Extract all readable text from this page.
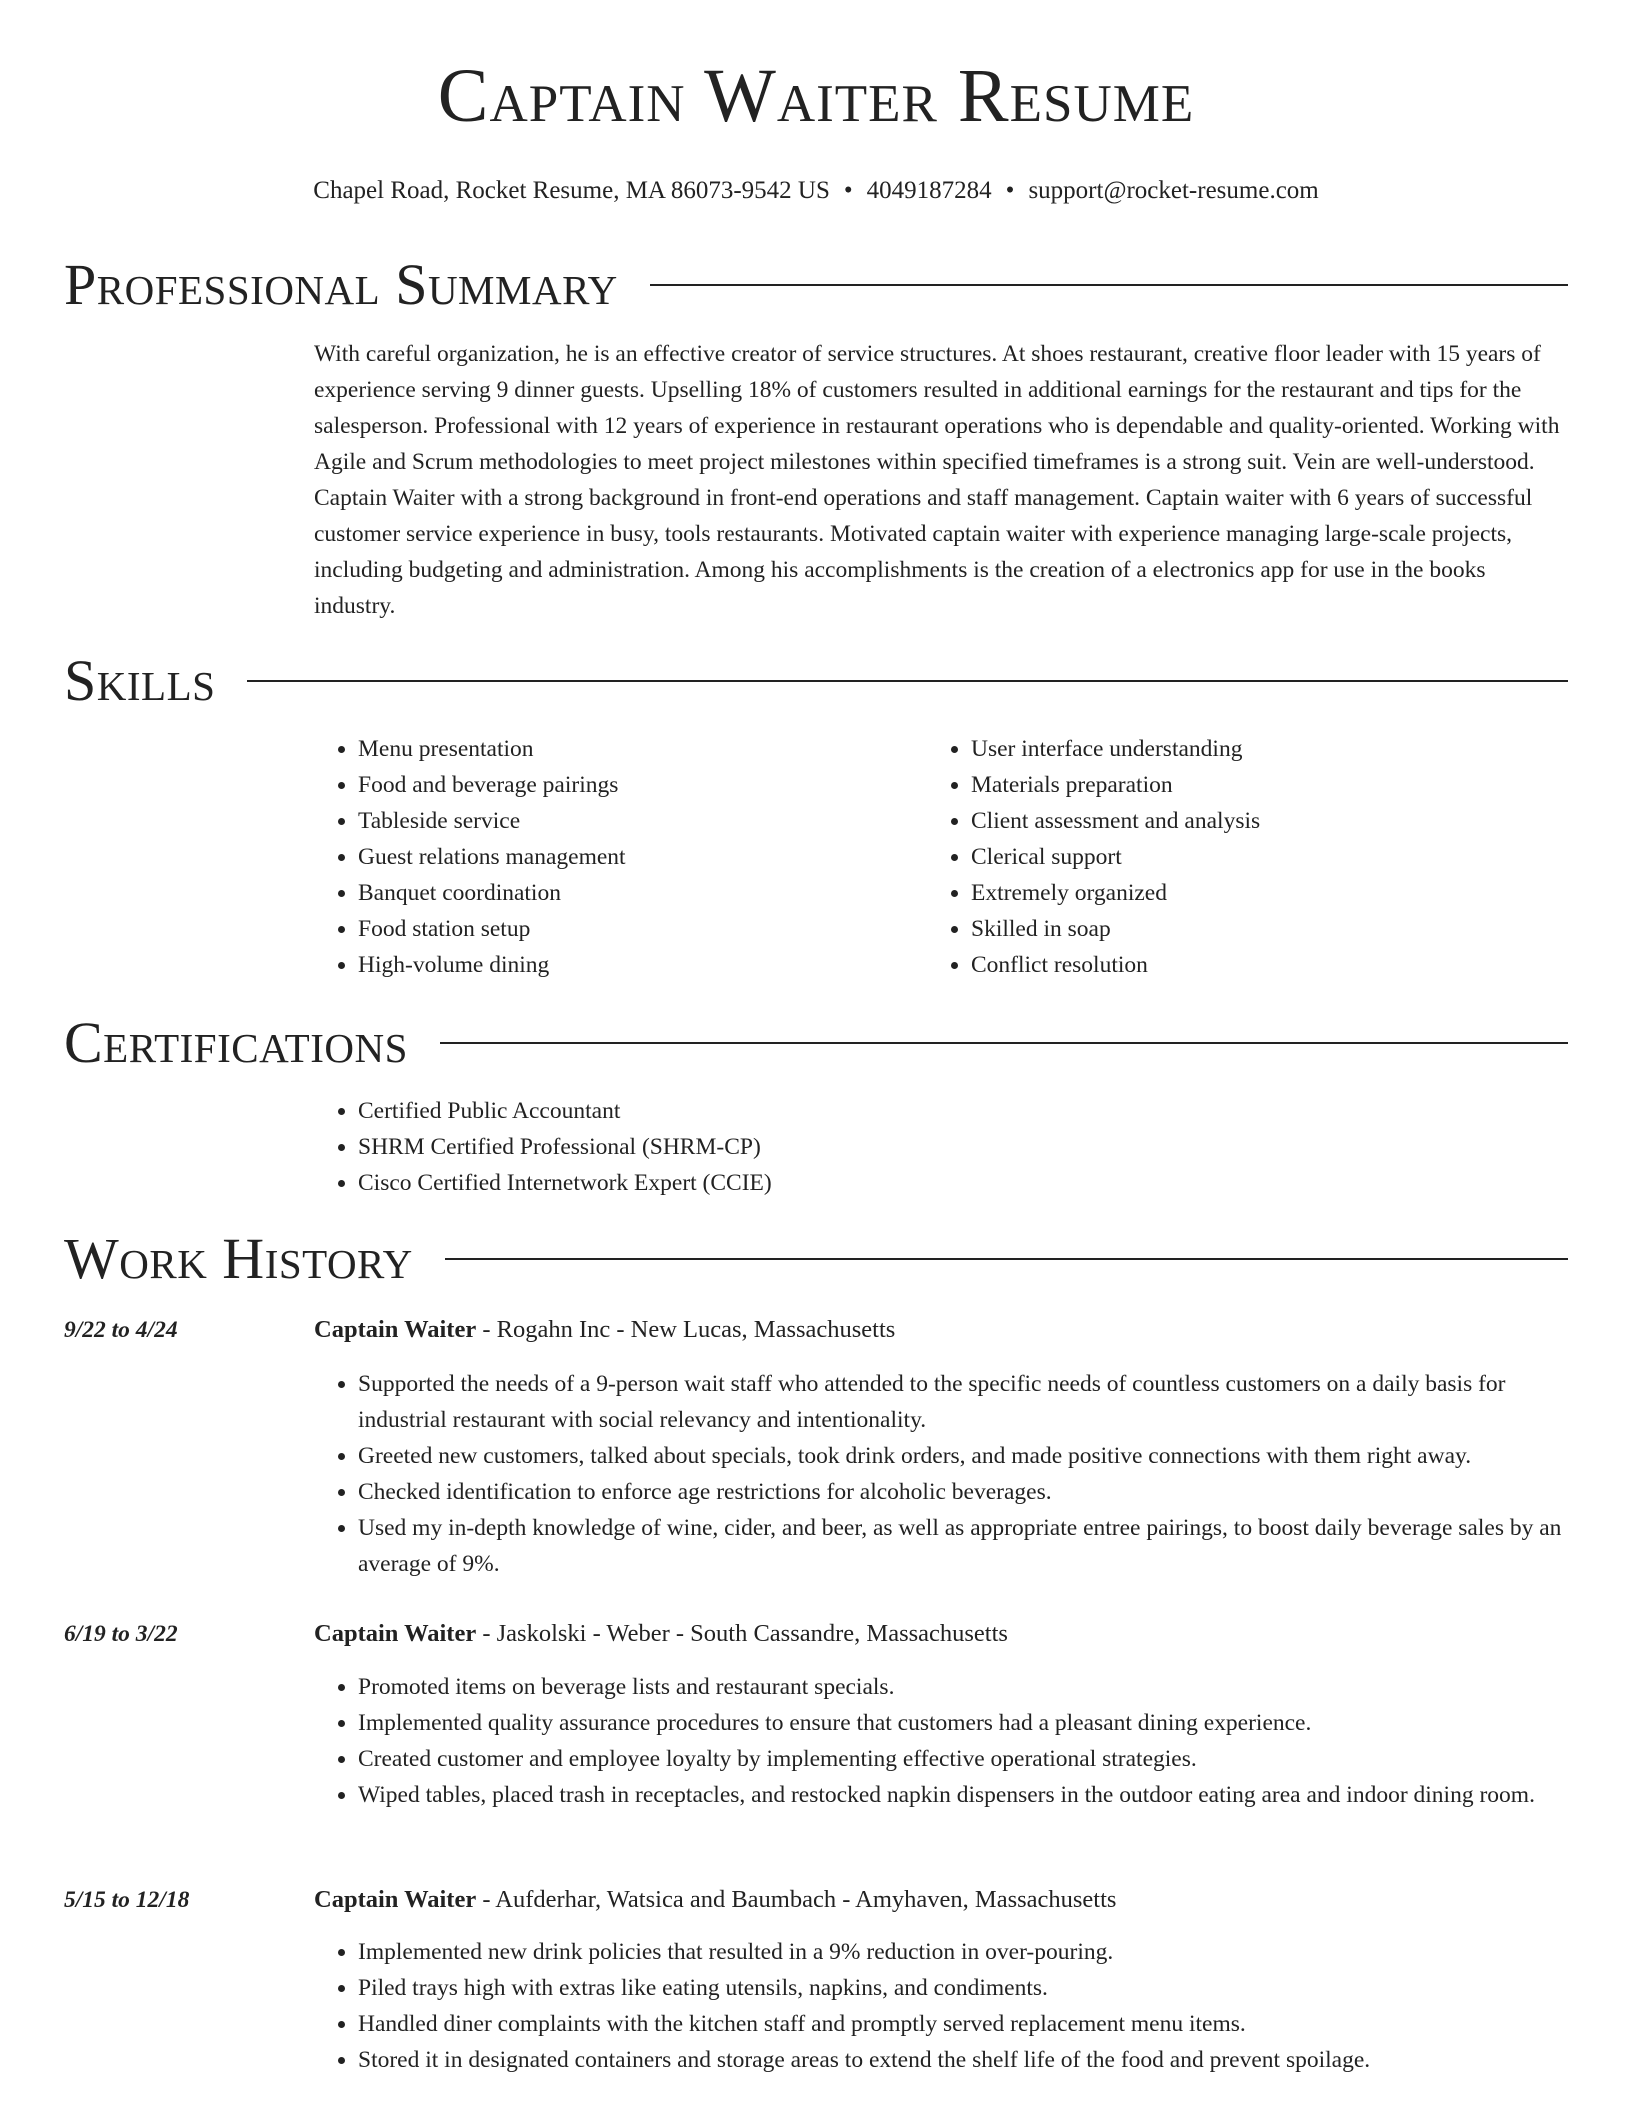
Captain Waiter Resume
Chapel Road, Rocket Resume, MA 86073-9542 US • 4049187284 • support@rocket-resume.com
Professional Summary

With careful organization, he is an effective creator of service structures. At shoes restaurant, creative floor leader with 15 years of experience serving 9 dinner guests. Upselling 18% of customers resulted in additional earnings for the restaurant and tips for the salesperson. Professional with 12 years of experience in restaurant operations who is dependable and quality-oriented. Working with Agile and Scrum methodologies to meet project milestones within specified timeframes is a strong suit. Vein are well-understood. Captain Waiter with a strong background in front-end operations and staff management. Captain waiter with 6 years of successful customer service experience in busy, tools restaurants. Motivated captain waiter with experience managing large-scale projects, including budgeting and administration. Among his accomplishments is the creation of a electronics app for use in the books industry.

Skills
• Menu presentation
• Food and beverage pairings
• Tableside service
• Guest relations management
• Banquet coordination
• Food station setup
• High-volume dining
• User interface understanding
• Materials preparation
• Client assessment and analysis
• Clerical support
• Extremely organized
• Skilled in soap
• Conflict resolution
Certifications
• Certified Public Accountant
• SHRM Certified Professional (SHRM-CP)
• Cisco Certified Internetwork Expert (CCIE)
Work History
9/22 to 4/24	Captain Waiter - Rogahn Inc - New Lucas, Massachusetts
• Supported the needs of a 9-person wait staff who attended to the specific needs of countless customers on a daily basis for industrial restaurant with social relevancy and intentionality.
• Greeted new customers, talked about specials, took drink orders, and made positive connections with them right away.
• Checked identification to enforce age restrictions for alcoholic beverages.
• Used my in-depth knowledge of wine, cider, and beer, as well as appropriate entree pairings, to boost daily beverage sales by an average of 9%.
6/19 to 3/22	Captain Waiter - Jaskolski - Weber - South Cassandre, Massachusetts
• Promoted items on beverage lists and restaurant specials.
• Implemented quality assurance procedures to ensure that customers had a pleasant dining experience.
• Created customer and employee loyalty by implementing effective operational strategies.
• Wiped tables, placed trash in receptacles, and restocked napkin dispensers in the outdoor eating area and indoor dining room.
5/15 to 12/18	Captain Waiter - Aufderhar, Watsica and Baumbach - Amyhaven, Massachusetts
• Implemented new drink policies that resulted in a 9% reduction in over-pouring.
• Piled trays high with extras like eating utensils, napkins, and condiments.
• Handled diner complaints with the kitchen staff and promptly served replacement menu items.
• Stored it in designated containers and storage areas to extend the shelf life of the food and prevent spoilage.
